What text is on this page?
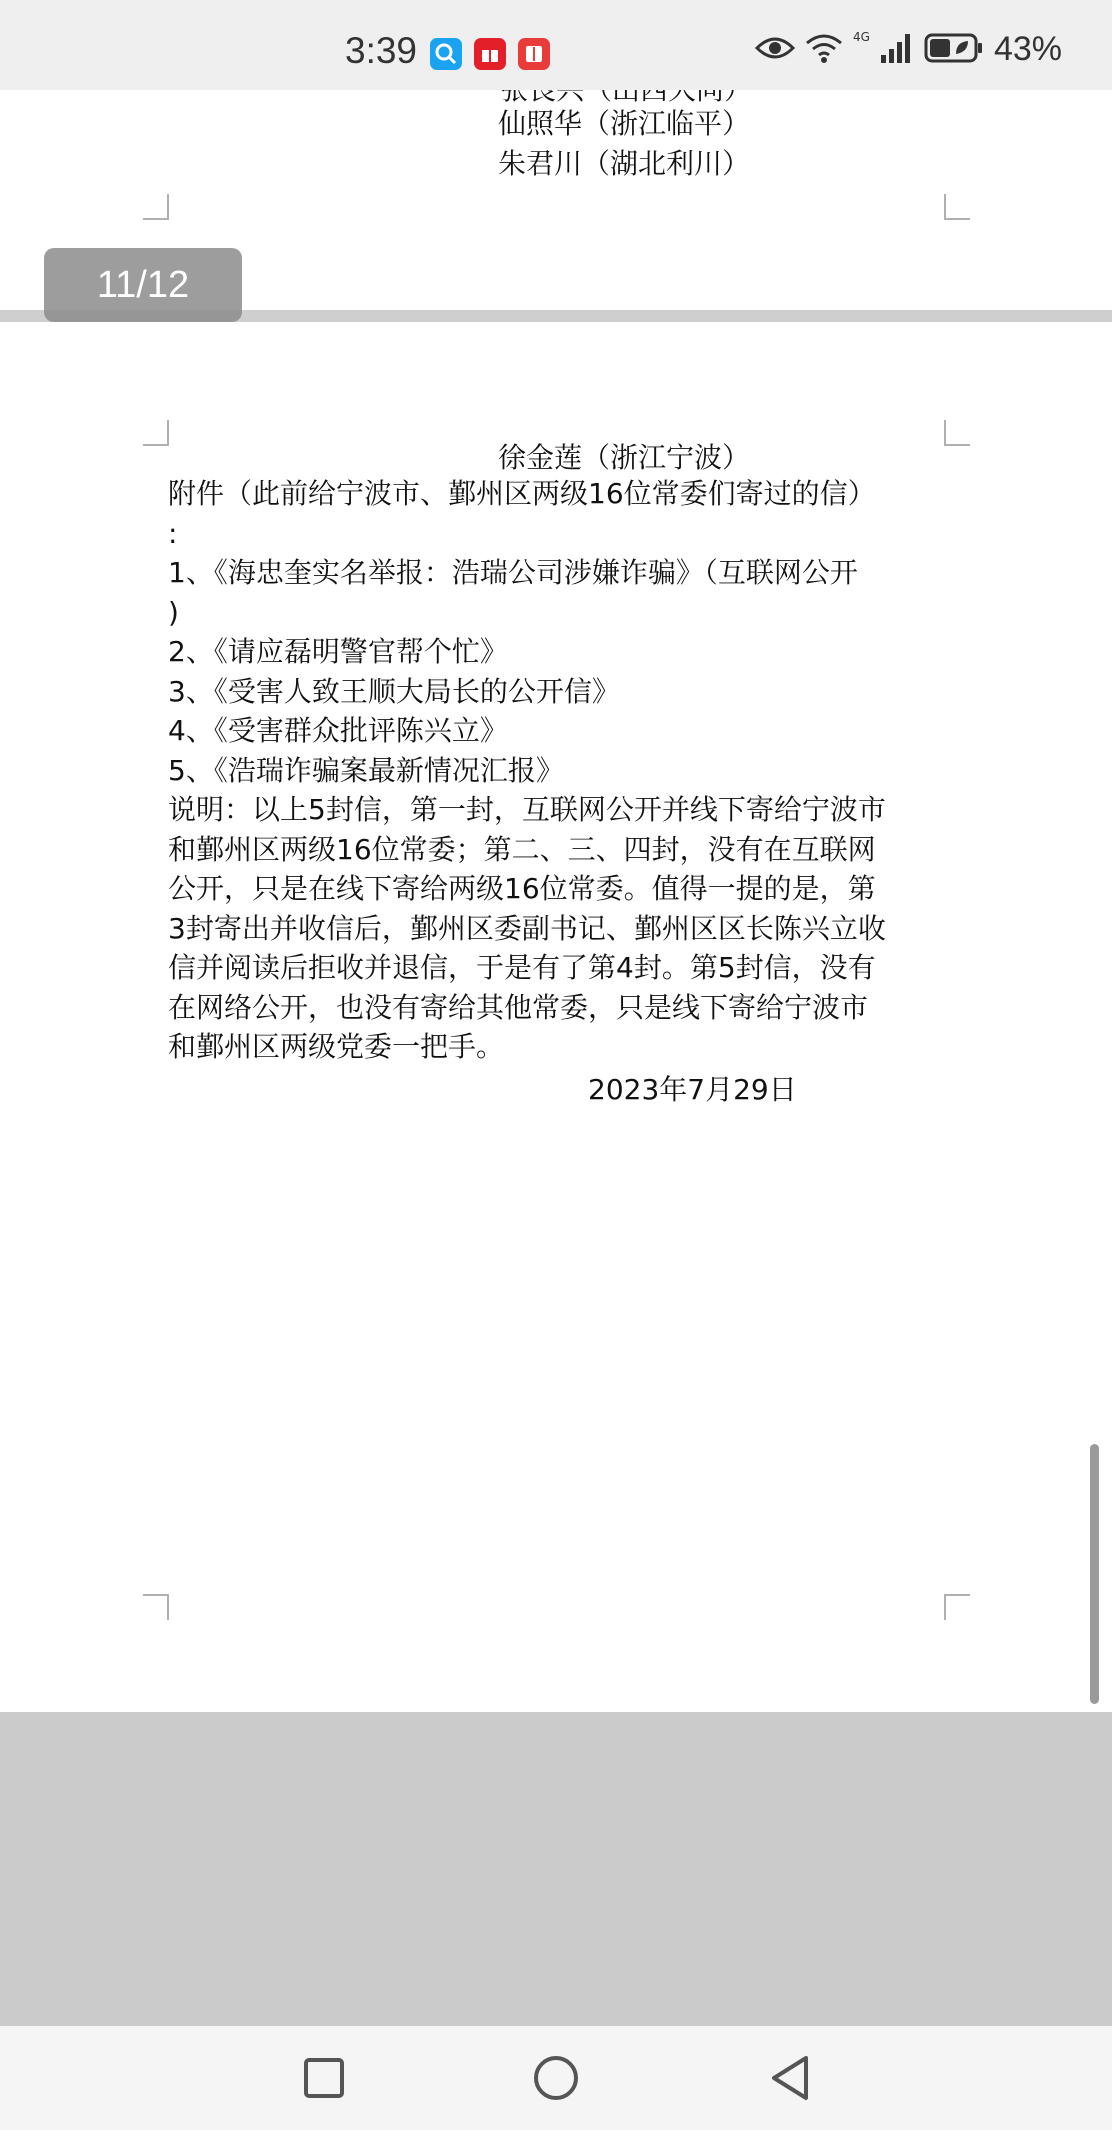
3:39	4G	43%
仙照华（浙江临平）
朱君川（湖北利川）
11/12
徐金莲（浙江宁波）

附件（此前给宁波市、鄞州区两级16位常委们寄过的信）

:

1、《海忠奎实名举报：浩瑞公司涉嫌诈骗》（互联网公开

)

2、《请应磊明警官帮个忙》

3、《受害人致王顺大局长的公开信》

4、《受害群众批评陈兴立》

5、《浩瑞诈骗案最新情况汇报》

说明：以上5封信，第一封，互联网公开并线下寄给宁波市

和鄞州区两级16位常委；第二、三、四封，没有在互联网

公开，只是在线下寄给两级16位常委。值得一提的是，第

3封寄出并收信后，鄞州区委副书记、鄞州区区长陈兴立收

信并阅读后拒收并退信，于是有了第4封。第5封信，没有

在网络公开，也没有寄给其他常委，只是线下寄给宁波市

和鄞州区两级党委一把手。

2023年7月29日
